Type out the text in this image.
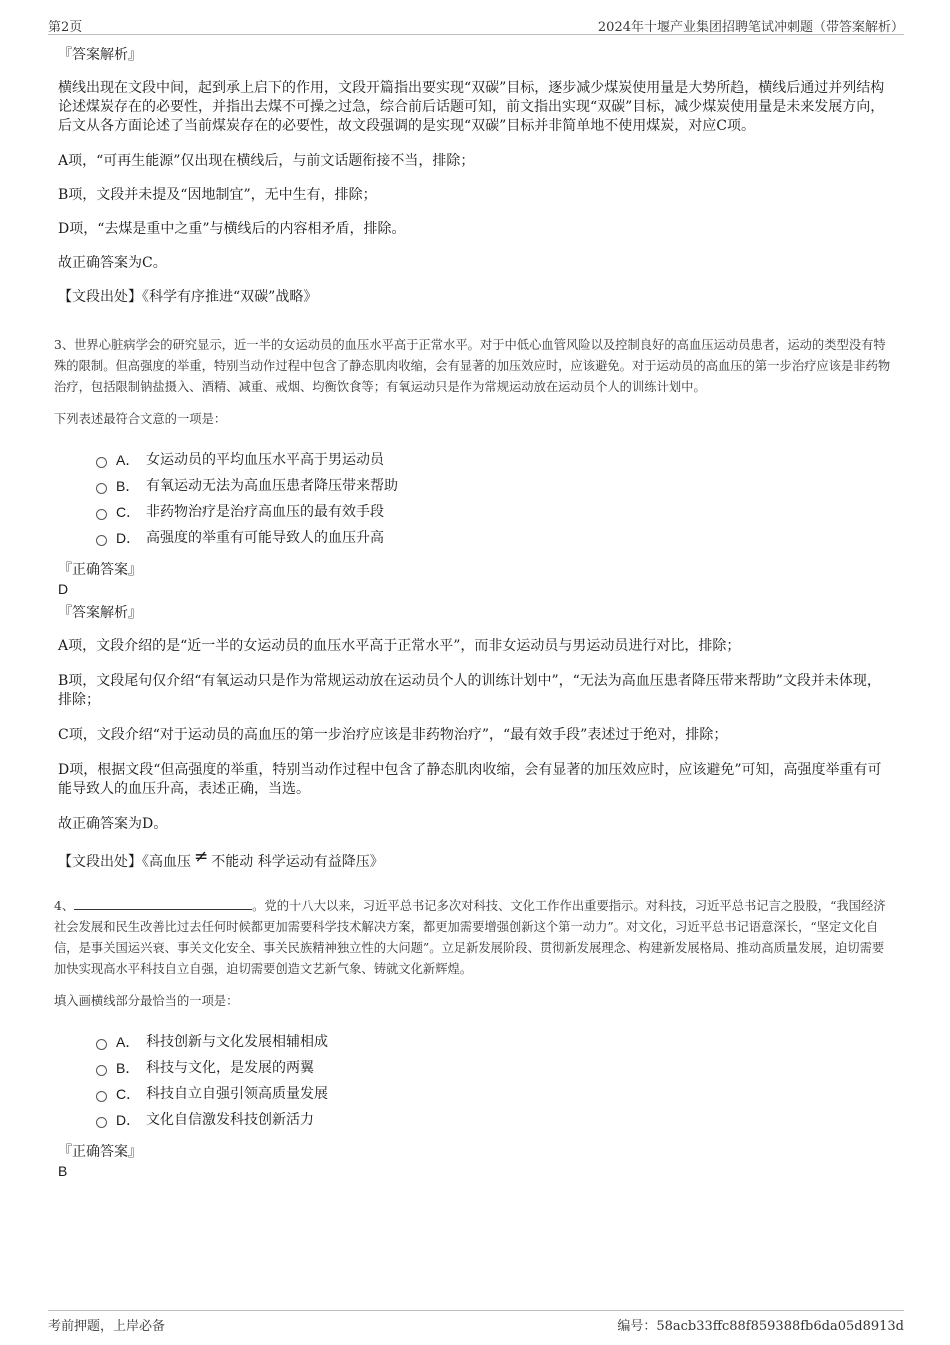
第2页	2024年十堰产业集团招聘笔试冲刺题（带答案解析）

『答案解析』

横线出现在文段中间，起到承上启下的作用，文段开篇指出要实现“双碳”目标，逐步减少煤炭使用量是大势所趋，横线后通过并列结构论述煤炭存在的必要性，并指出去煤不可操之过急，综合前后话题可知，前文指出实现“双碳”目标，减少煤炭使用量是未来发展方向，后文从各方面论述了当前煤炭存在的必要性，故文段强调的是实现“双碳”目标并非简单地不使用煤炭，对应C项。

A项，“可再生能源”仅出现在横线后，与前文话题衔接不当，排除；

B项，文段并未提及“因地制宜”，无中生有，排除；

D项，“去煤是重中之重”与横线后的内容相矛盾，排除。

故正确答案为C。

【文段出处】《科学有序推进“双碳”战略》

3、世界心脏病学会的研究显示，近一半的女运动员的血压水平高于正常水平。对于中低心血管风险以及控制良好的高血压运动员患者，运动的类型没有特殊的限制。但高强度的举重，特别当动作过程中包含了静态肌肉收缩，会有显著的加压效应时，应该避免。对于运动员的高血压的第一步治疗应该是非药物治疗，包括限制钠盐摄入、酒精、减重、戒烟、均衡饮食等；有氧运动只是作为常规运动放在运动员个人的训练计划中。

下列表述最符合文意的一项是：

A． 女运动员的平均血压水平高于男运动员
B． 有氧运动无法为高血压患者降压带来帮助
C． 非药物治疗是治疗高血压的最有效手段
D． 高强度的举重有可能导致人的血压升高

『正确答案』

D

『答案解析』

A项，文段介绍的是“近一半的女运动员的血压水平高于正常水平”，而非女运动员与男运动员进行对比，排除；

B项，文段尾句仅介绍“有氧运动只是作为常规运动放在运动员个人的训练计划中”，“无法为高血压患者降压带来帮助”文段并未体现，排除；

C项，文段介绍“对于运动员的高血压的第一步治疗应该是非药物治疗”，“最有效手段”表述过于绝对，排除；

D项，根据文段“但高强度的举重，特别当动作过程中包含了静态肌肉收缩，会有显著的加压效应时，应该避免”可知，高强度举重有可能导致人的血压升高，表述正确，当选。

故正确答案为D。

【文段出处】《高血压 ≠ 不能动 科学运动有益降压》

4、	。党的十八大以来，习近平总书记多次对科技、文化工作作出重要指示。对科技，习近平总书记言之股股，“我国经济社会发展和民生改善比过去任何时候都更加需要科学技术解决方案，都更加需要增强创新这个第一动力”。对文化，习近平总书记语意深长，“坚定文化自信，是事关国运兴衰、事关文化安全、事关民族精神独立性的大问题”。立足新发展阶段、贯彻新发展理念、构建新发展格局、推动高质量发展，迫切需要加快实现高水平科技自立自强，迫切需要创造文艺新气象、铸就文化新辉煌。

填入画横线部分最恰当的一项是：

A． 科技创新与文化发展相辅相成
B． 科技与文化，是发展的两翼
C． 科技自立自强引领高质量发展
D． 文化自信激发科技创新活力

『正确答案』

B

考前押题，上岸必备	编号：58acb33ffc88f859388fb6da05d8913d
